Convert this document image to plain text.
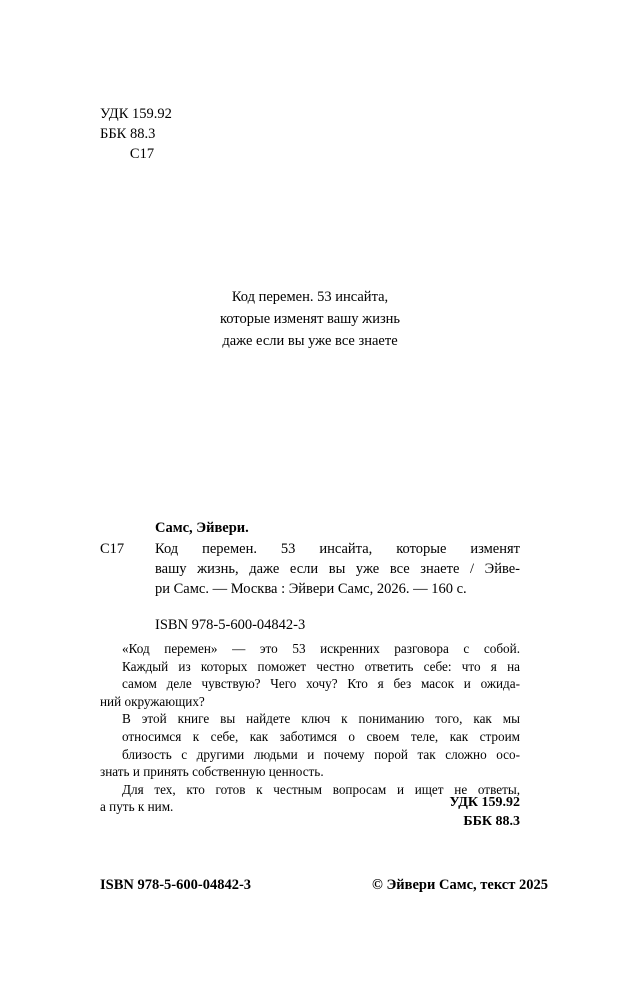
УДК 159.92
ББК 88.3
С17
Код перемен. 53 инсайта,
которые изменят вашу жизнь
даже если вы уже все знаете
Самс, Эйвери.
С17 Код перемен. 53 инсайта, которые изменят
вашу жизнь, даже если вы уже все знаете / Эйве-
ри Самс. — Москва : Эйвери Самс, 2026. — 160 с.
ISBN 978-5-600-04842-3

«Код перемен» — это 53 искренних разговора с собой.
Каждый из которых поможет честно ответить себе: что я на
самом деле чувствую? Чего хочу? Кто я без масок и ожида-
ний окружающих?

В этой книге вы найдете ключ к пониманию того, как мы
относимся к себе, как заботимся о своем теле, как строим
близость с другими людьми и почему порой так сложно осо-
знать и принять собственную ценность.

Для тех, кто готов к честным вопросам и ищет не ответы,
а путь к ним.	УДК 159.92
ББК 88.3
ISBN 978-5-600-04842-3	© Эйвери Самс, текст 2025
